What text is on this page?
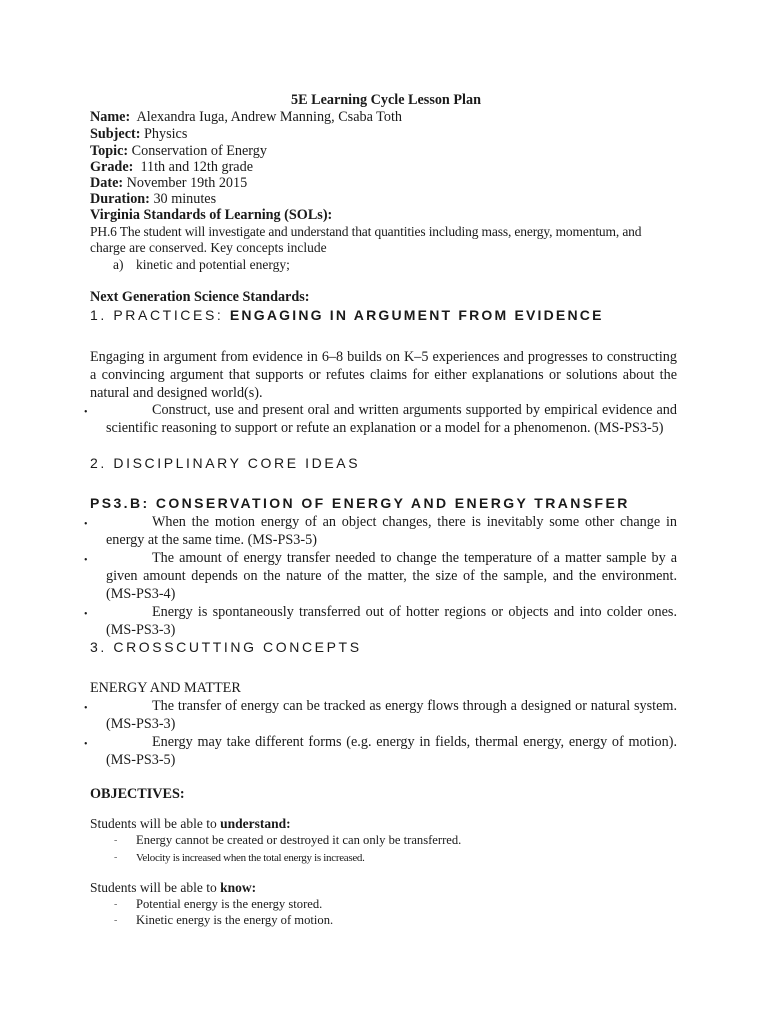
5E Learning Cycle Lesson Plan
Name: Alexandra Iuga, Andrew Manning, Csaba Toth
Subject: Physics
Topic: Conservation of Energy
Grade: 11th and 12th grade
Date: November 19th 2015
Duration: 30 minutes
Virginia Standards of Learning (SOLs):
PH.6 The student will investigate and understand that quantities including mass, energy, momentum, and
charge are conserved. Key concepts include
a) kinetic and potential energy;
Next Generation Science Standards:
1. PRACTICES: ENGAGING IN ARGUMENT FROM EVIDENCE
Engaging in argument from evidence in 6–8 builds on K–5 experiences and progresses to constructing a convincing argument that supports or refutes claims for either explanations or solutions about the natural and designed world(s).
•	Construct, use and present oral and written arguments supported by empirical evidence and scientific reasoning to support or refute an explanation or a model for a phenomenon. (MS-PS3-5)
2. DISCIPLINARY CORE IDEAS
PS3.B: CONSERVATION OF ENERGY AND ENERGY TRANSFER
•	When the motion energy of an object changes, there is inevitably some other change in energy at the same time. (MS-PS3-5)
•	The amount of energy transfer needed to change the temperature of a matter sample by a given amount depends on the nature of the matter, the size of the sample, and the environment. (MS-PS3-4)
•	Energy is spontaneously transferred out of hotter regions or objects and into colder ones. (MS-PS3-3)
3. CROSSCUTTING CONCEPTS
ENERGY AND MATTER
•	The transfer of energy can be tracked as energy flows through a designed or natural system.(MS-PS3-3)
•	Energy may take different forms (e.g. energy in fields, thermal energy, energy of motion). (MS-PS3-5)
OBJECTIVES:
Students will be able to understand:
- Energy cannot be created or destroyed it can only be transferred.
- Velocity is increased when the total energy is increased.
Students will be able to know:
- Potential energy is the energy stored.
- Kinetic energy is the energy of motion.
